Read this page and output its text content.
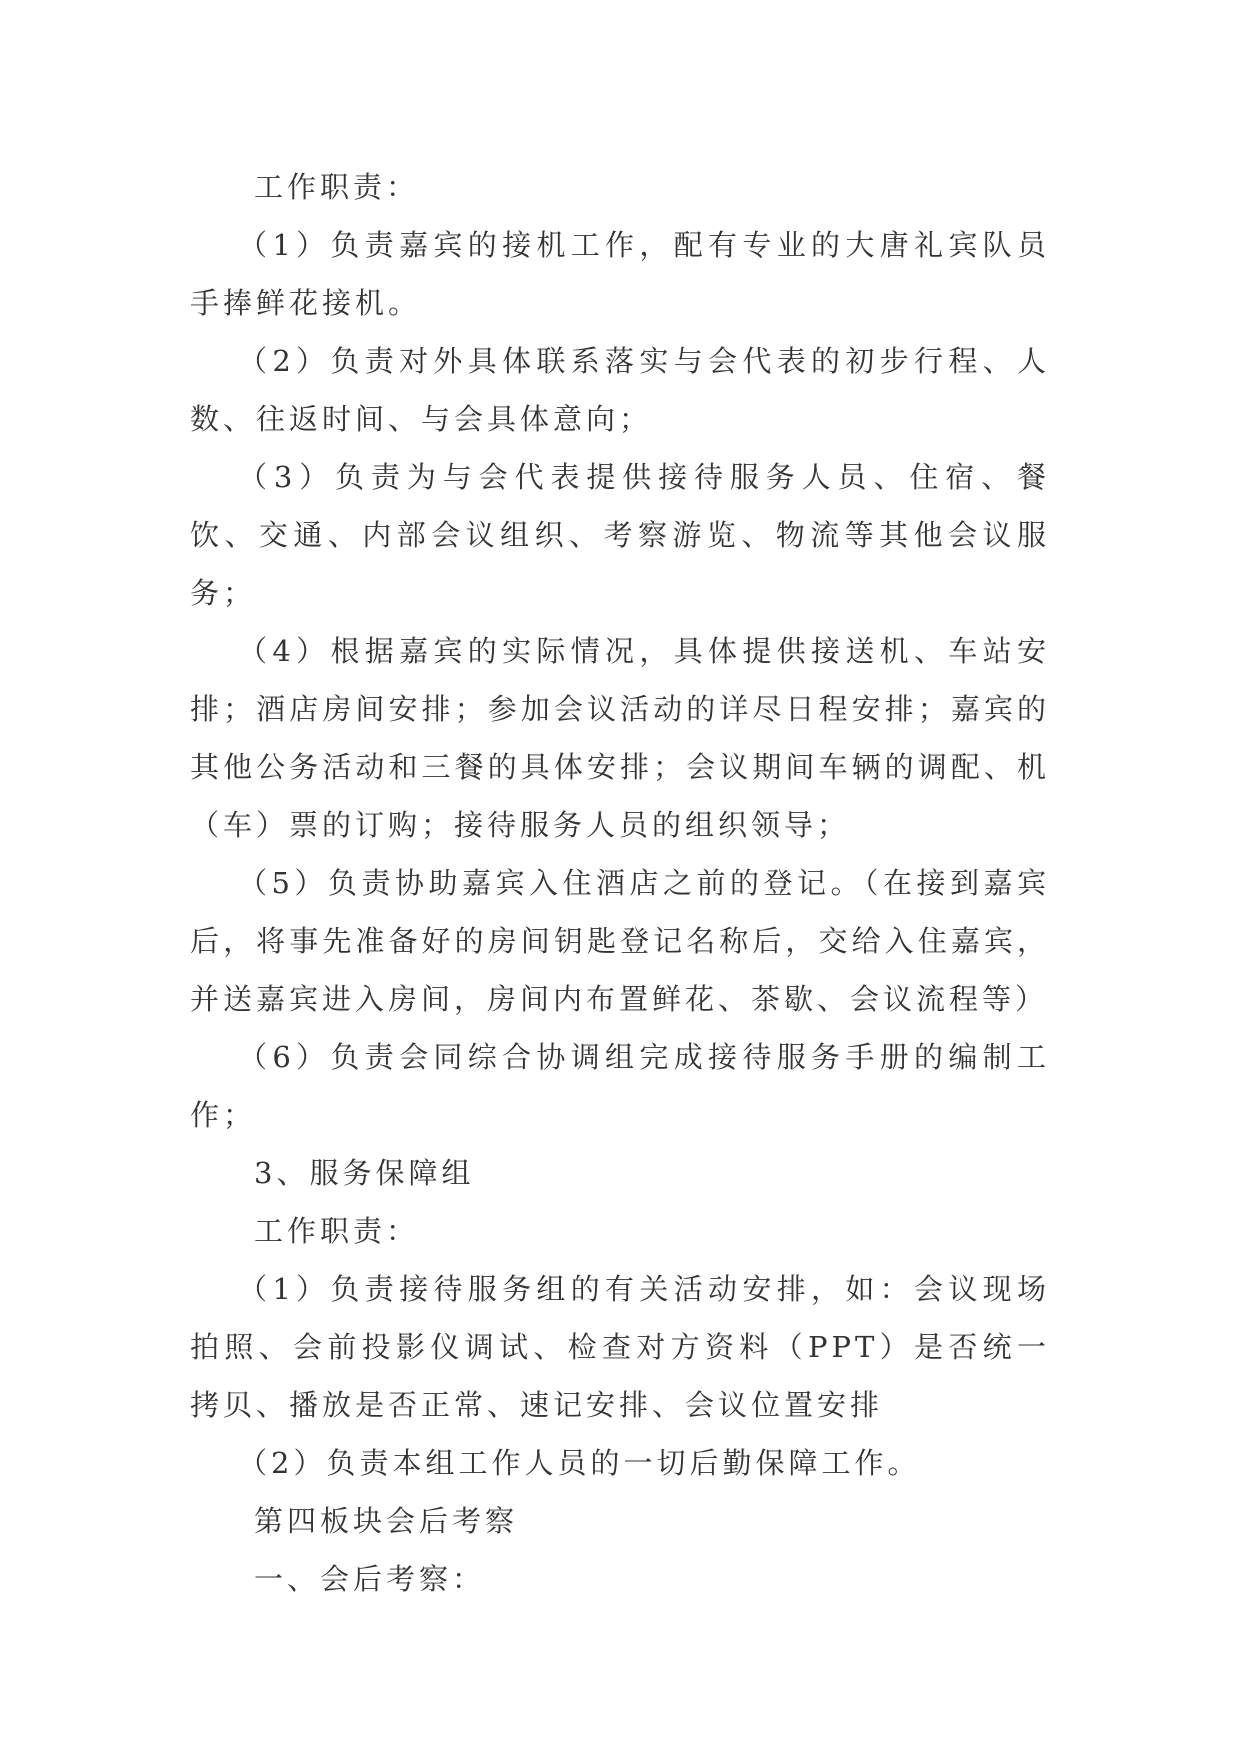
工作职责：

（1）负责嘉宾的接机工作，配有专业的大唐礼宾队员手捧鲜花接机。

（2）负责对外具体联系落实与会代表的初步行程、人数、往返时间、与会具体意向；

（3）负责为与会代表提供接待服务人员、住宿、餐饮、交通、内部会议组织、考察游览、物流等其他会议服务；

（4）根据嘉宾的实际情况，具体提供接送机、车站安排；酒店房间安排；参加会议活动的详尽日程安排；嘉宾的其他公务活动和三餐的具体安排；会议期间车辆的调配、机（车）票的订购；接待服务人员的组织领导；

（5）负责协助嘉宾入住酒店之前的登记。（在接到嘉宾后，将事先准备好的房间钥匙登记名称后，交给入住嘉宾，并送嘉宾进入房间，房间内布置鲜花、茶歇、会议流程等）

（6）负责会同综合协调组完成接待服务手册的编制工作；

3、服务保障组

工作职责：

（1）负责接待服务组的有关活动安排，如：会议现场拍照、会前投影仪调试、检查对方资料（PPT）是否统一拷贝、播放是否正常、速记安排、会议位置安排

（2）负责本组工作人员的一切后勤保障工作。

第四板块会后考察

一、会后考察：
